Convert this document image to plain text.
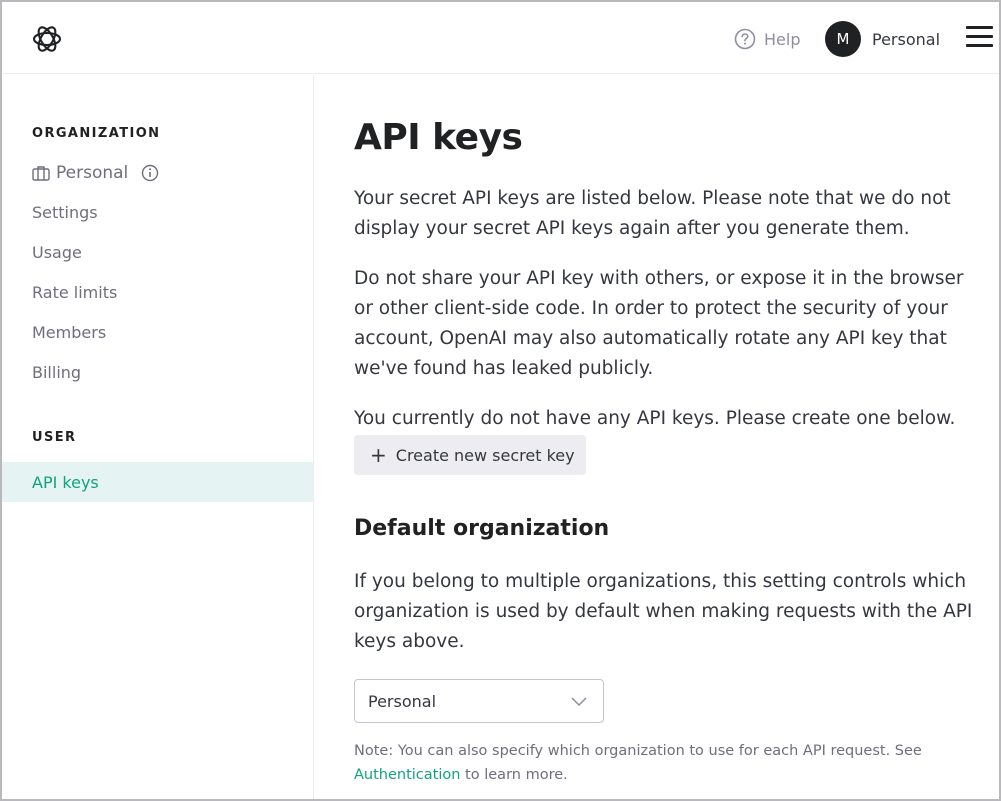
Help	M	Personal
ORGANIZATION
Personal
Settings
Usage
Rate limits
Members
Billing
USER
API keys
API keys

Your secret API keys are listed below. Please note that we do not display your secret API keys again after you generate them.

Do not share your API key with others, or expose it in the browser or other client-side code. In order to protect the security of your account, OpenAI may also automatically rotate any API key that we've found has leaked publicly.

You currently do not have any API keys. Please create one below.

+ Create new secret key
Default organization

If you belong to multiple organizations, this setting controls which organization is used by default when making requests with the API keys above.

Personal

Note: You can also specify which organization to use for each API request. See
Authentication to learn more.
